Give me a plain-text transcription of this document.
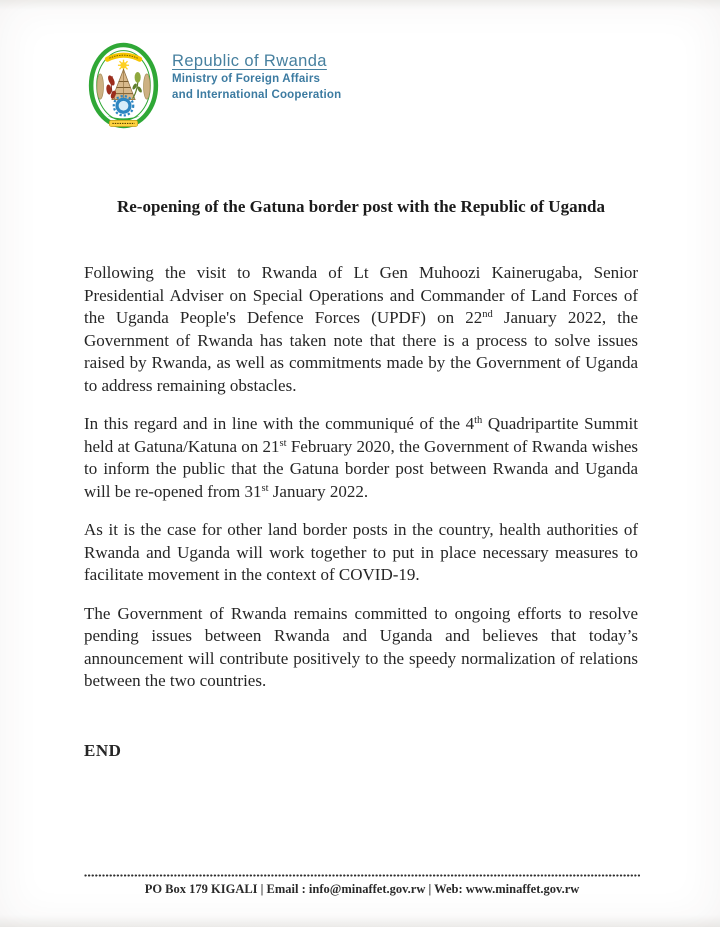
Republic of Rwanda
Ministry of Foreign Affairs
and International Cooperation
Re-opening of the Gatuna border post with the Republic of Uganda

Following the visit to Rwanda of Lt Gen Muhoozi Kainerugaba, Senior Presidential Adviser on Special Operations and Commander of Land Forces of the Uganda People's Defence Forces (UPDF) on 22nd January 2022, the Government of Rwanda has taken note that there is a process to solve issues raised by Rwanda, as well as commitments made by the Government of Uganda to address remaining obstacles.

In this regard and in line with the communiqué of the 4th Quadripartite Summit held at Gatuna/Katuna on 21st February 2020, the Government of Rwanda wishes to inform the public that the Gatuna border post between Rwanda and Uganda will be re-opened from 31st January 2022.

As it is the case for other land border posts in the country, health authorities of Rwanda and Uganda will work together to put in place necessary measures to facilitate movement in the context of COVID-19.

The Government of Rwanda remains committed to ongoing efforts to resolve pending issues between Rwanda and Uganda and believes that today’s announcement will contribute positively to the speedy normalization of relations between the two countries.

END

PO Box 179 KIGALI | Email : info@minaffet.gov.rw | Web: www.minaffet.gov.rw
